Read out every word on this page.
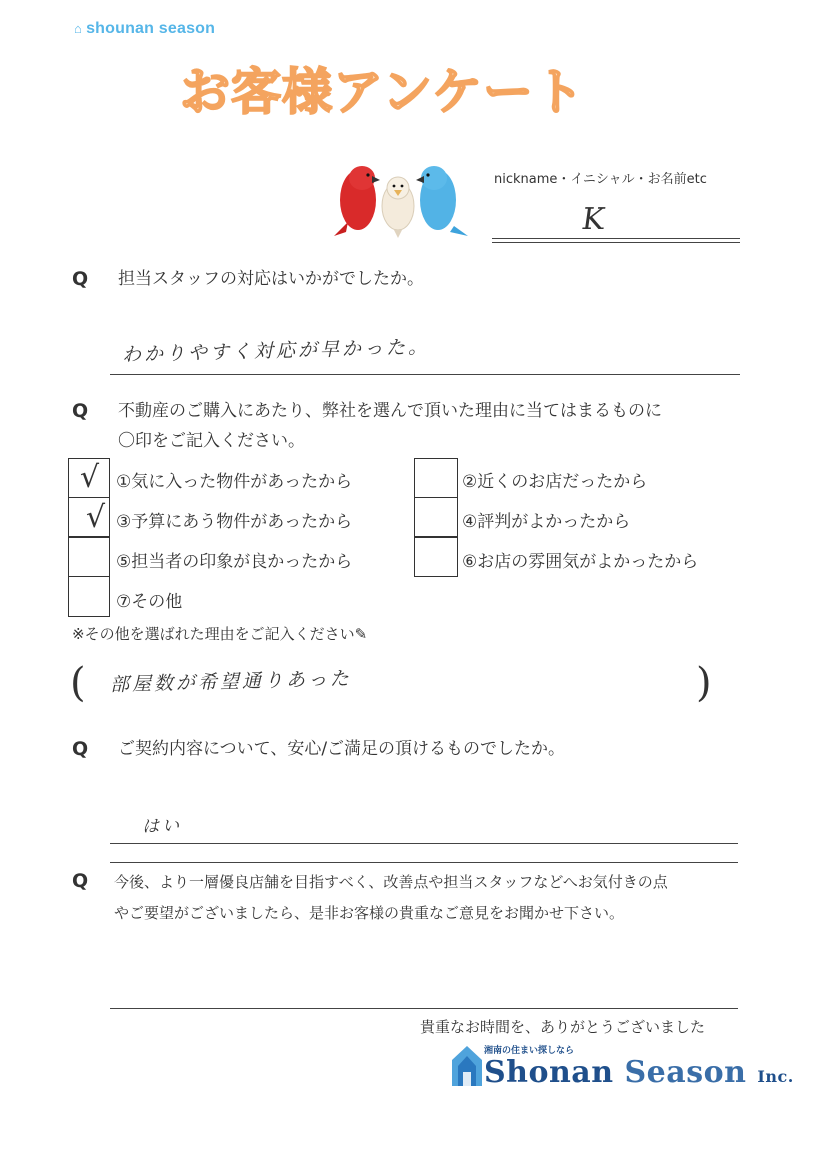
⌂ shounan season
お客様アンケート
nickname・イニシャル・お名前etc
K
Q 担当スタッフの対応はいかがでしたか。
わかりやすく対応が早かった。
Q 不動産のご購入にあたり、弊社を選んで頂いた理由に当てはまるものに
〇印をご記入ください。
√
√
①気に入った物件があったから
③予算にあう物件があったから
⑤担当者の印象が良かったから
⑦その他
②近くのお店だったから
④評判がよかったから
⑥お店の雰囲気がよかったから
※その他を選ばれた理由をご記入ください✎
( 部屋数が希望通りあった	)
Q ご契約内容について、安心/ご満足の頂けるものでしたか。
はい
Q 今後、より一層優良店舗を目指すべく、改善点や担当スタッフなどへお気付きの点
やご要望がございましたら、是非お客様の貴重なご意見をお聞かせ下さい。
貴重なお時間を、ありがとうございました
湘南の住まい探しなら
Shonan Season Inc.
